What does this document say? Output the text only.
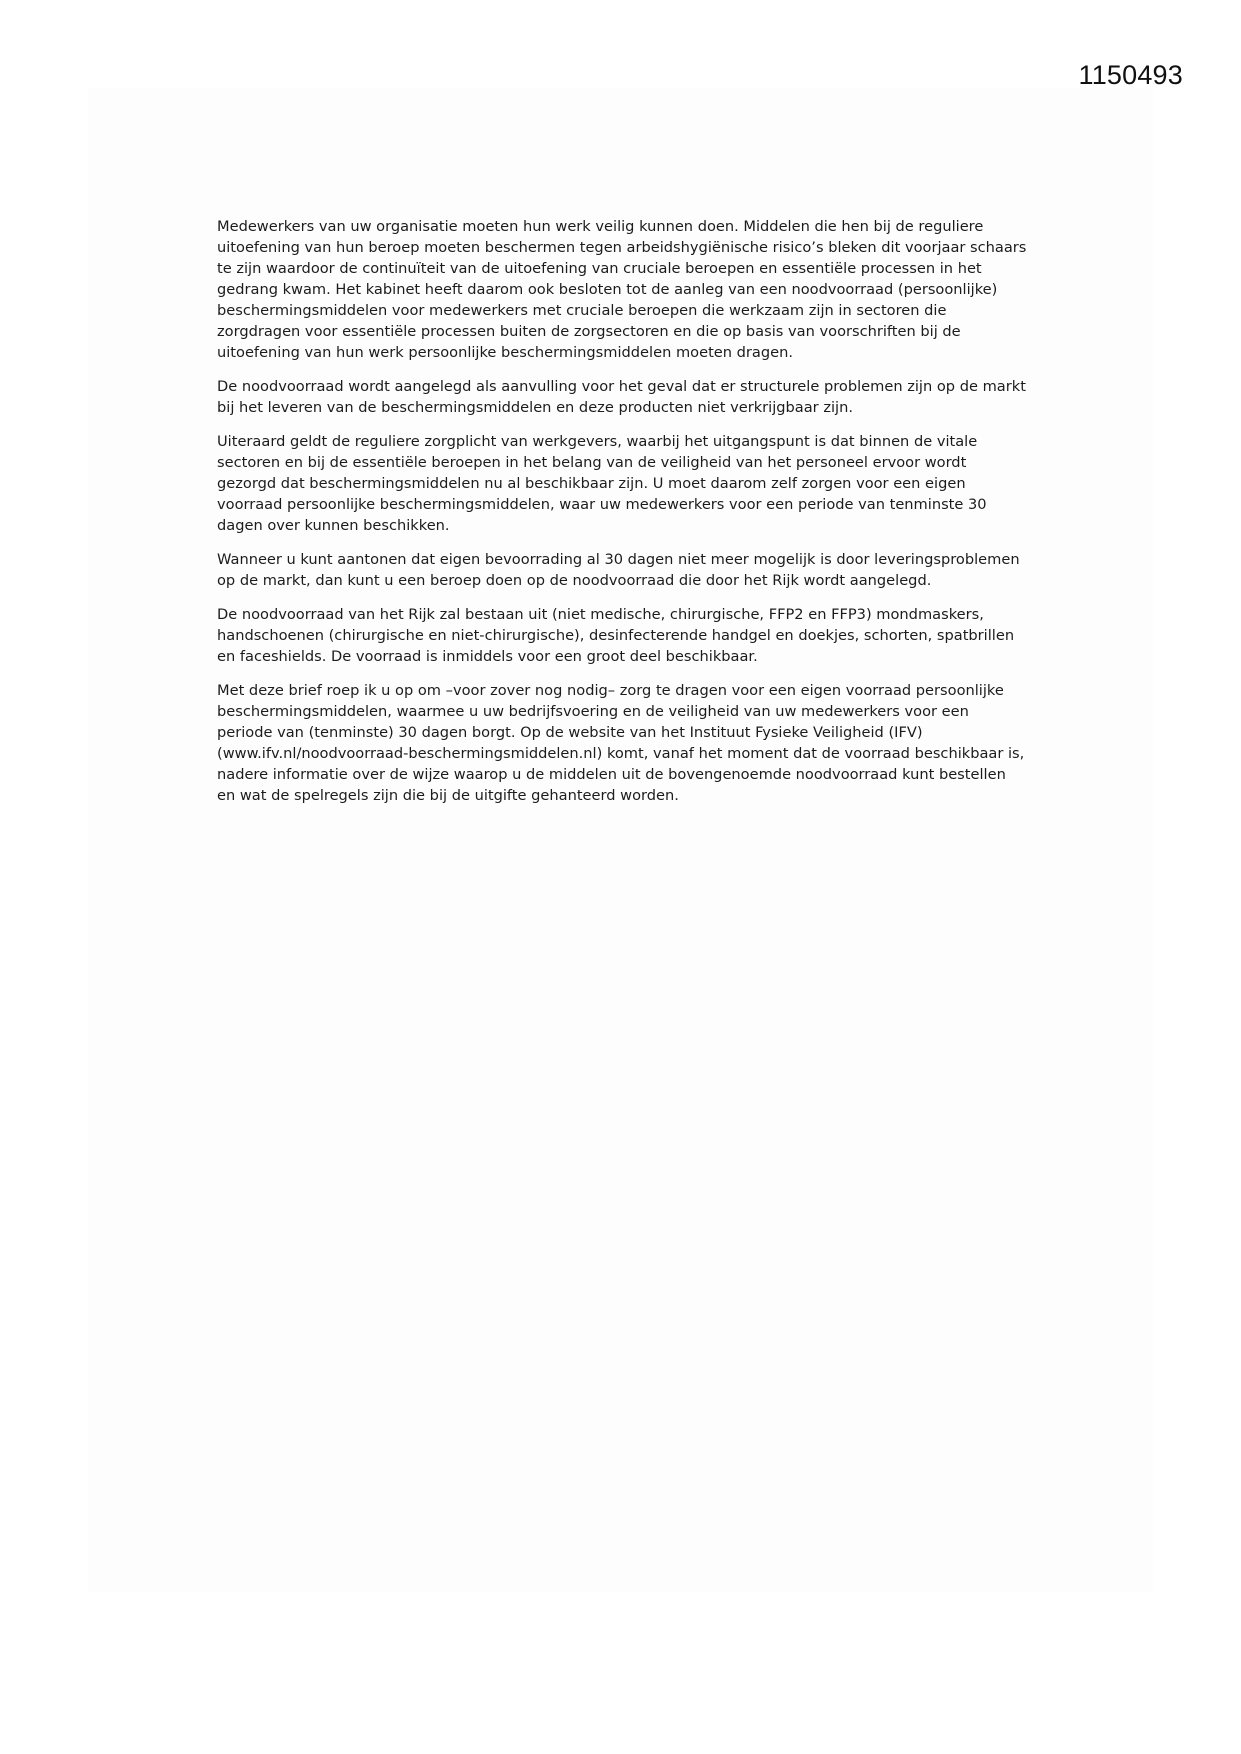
1150493

Medewerkers van uw organisatie moeten hun werk veilig kunnen doen. Middelen die hen bij de reguliere uitoefening van hun beroep moeten beschermen tegen arbeidshygiënische risico’s bleken dit voorjaar schaars te zijn waardoor de continuïteit van de uitoefening van cruciale beroepen en essentiële processen in het gedrang kwam. Het kabinet heeft daarom ook besloten tot de aanleg van een noodvoorraad (persoonlijke) beschermingsmiddelen voor medewerkers met cruciale beroepen die werkzaam zijn in sectoren die zorgdragen voor essentiële processen buiten de zorgsectoren en die op basis van voorschriften bij de uitoefening van hun werk persoonlijke beschermingsmiddelen moeten dragen.

De noodvoorraad wordt aangelegd als aanvulling voor het geval dat er structurele problemen zijn op de markt bij het leveren van de beschermingsmiddelen en deze producten niet verkrijgbaar zijn.

Uiteraard geldt de reguliere zorgplicht van werkgevers, waarbij het uitgangspunt is dat binnen de vitale sectoren en bij de essentiële beroepen in het belang van de veiligheid van het personeel ervoor wordt gezorgd dat beschermingsmiddelen nu al beschikbaar zijn. U moet daarom zelf zorgen voor een eigen voorraad persoonlijke beschermingsmiddelen, waar uw medewerkers voor een periode van tenminste 30 dagen over kunnen beschikken.

Wanneer u kunt aantonen dat eigen bevoorrading al 30 dagen niet meer mogelijk is door leveringsproblemen op de markt, dan kunt u een beroep doen op de noodvoorraad die door het Rijk wordt aangelegd.

De noodvoorraad van het Rijk zal bestaan uit (niet medische, chirurgische, FFP2 en FFP3) mondmaskers, handschoenen (chirurgische en niet-chirurgische), desinfecterende handgel en doekjes, schorten, spatbrillen en faceshields. De voorraad is inmiddels voor een groot deel beschikbaar.

Met deze brief roep ik u op om –voor zover nog nodig– zorg te dragen voor een eigen voorraad persoonlijke beschermingsmiddelen, waarmee u uw bedrijfsvoering en de veiligheid van uw medewerkers voor een periode van (tenminste) 30 dagen borgt. Op de website van het Instituut Fysieke Veiligheid (IFV) (www.ifv.nl/noodvoorraad-beschermingsmiddelen.nl) komt, vanaf het moment dat de voorraad beschikbaar is, nadere informatie over de wijze waarop u de middelen uit de bovengenoemde noodvoorraad kunt bestellen en wat de spelregels zijn die bij de uitgifte gehanteerd worden.
